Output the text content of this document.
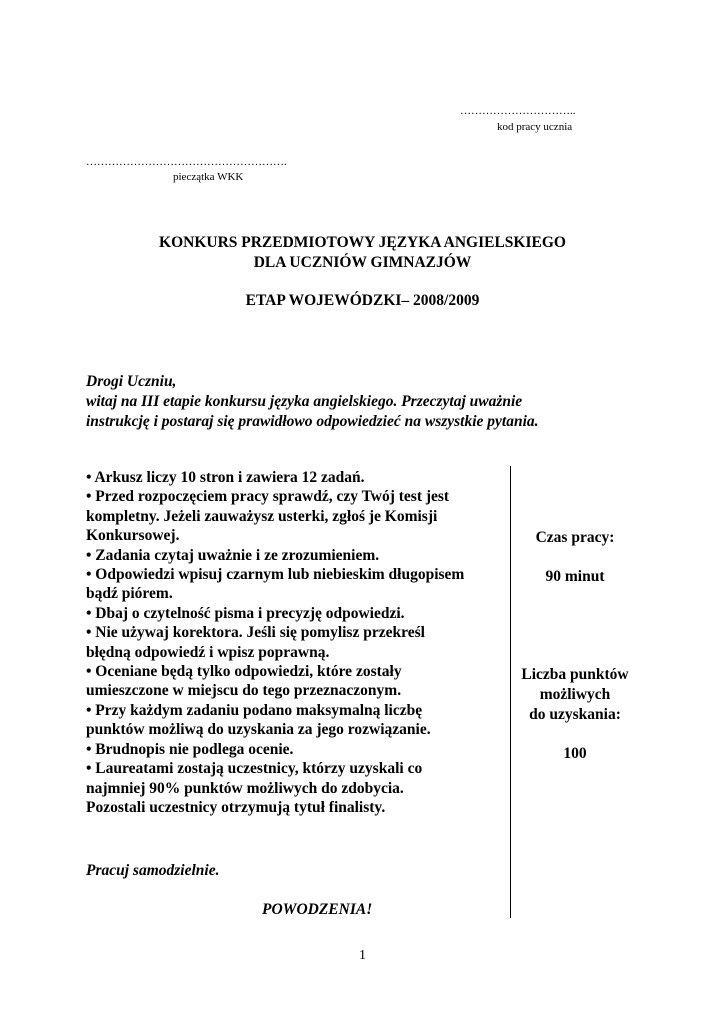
…………………………..
kod pracy ucznia
……………………………………………….
pieczątka WKK
KONKURS PRZEDMIOTOWY JĘZYKA ANGIELSKIEGO
DLA UCZNIÓW GIMNAZJÓW
ETAP WOJEWÓDZKI– 2008/2009
Drogi Uczniu,
witaj na III etapie konkursu języka angielskiego. Przeczytaj uważnie
instrukcję i postaraj się prawidłowo odpowiedzieć na wszystkie pytania.
• Arkusz liczy 10 stron i zawiera 12 zadań.
• Przed rozpoczęciem pracy sprawdź, czy Twój test jest
kompletny. Jeżeli zauważysz usterki, zgłoś je Komisji
Konkursowej.
• Zadania czytaj uważnie i ze zrozumieniem.
• Odpowiedzi wpisuj czarnym lub niebieskim długopisem
bądź piórem.
• Dbaj o czytelność pisma i precyzję odpowiedzi.
• Nie używaj korektora. Jeśli się pomylisz przekreśl
błędną odpowiedź i wpisz poprawną.
• Oceniane będą tylko odpowiedzi, które zostały
umieszczone w miejscu do tego przeznaczonym.
• Przy każdym zadaniu podano maksymalną liczbę
punktów możliwą do uzyskania za jego rozwiązanie.
• Brudnopis nie podlega ocenie.
• Laureatami zostają uczestnicy, którzy uzyskali co
najmniej 90% punktów możliwych do zdobycia.
Pozostali uczestnicy otrzymują tytuł finalisty.
Czas pracy:
90 minut
Liczba punktów
możliwych
do uzyskania:
100
Pracuj samodzielnie.
POWODZENIA!
1
